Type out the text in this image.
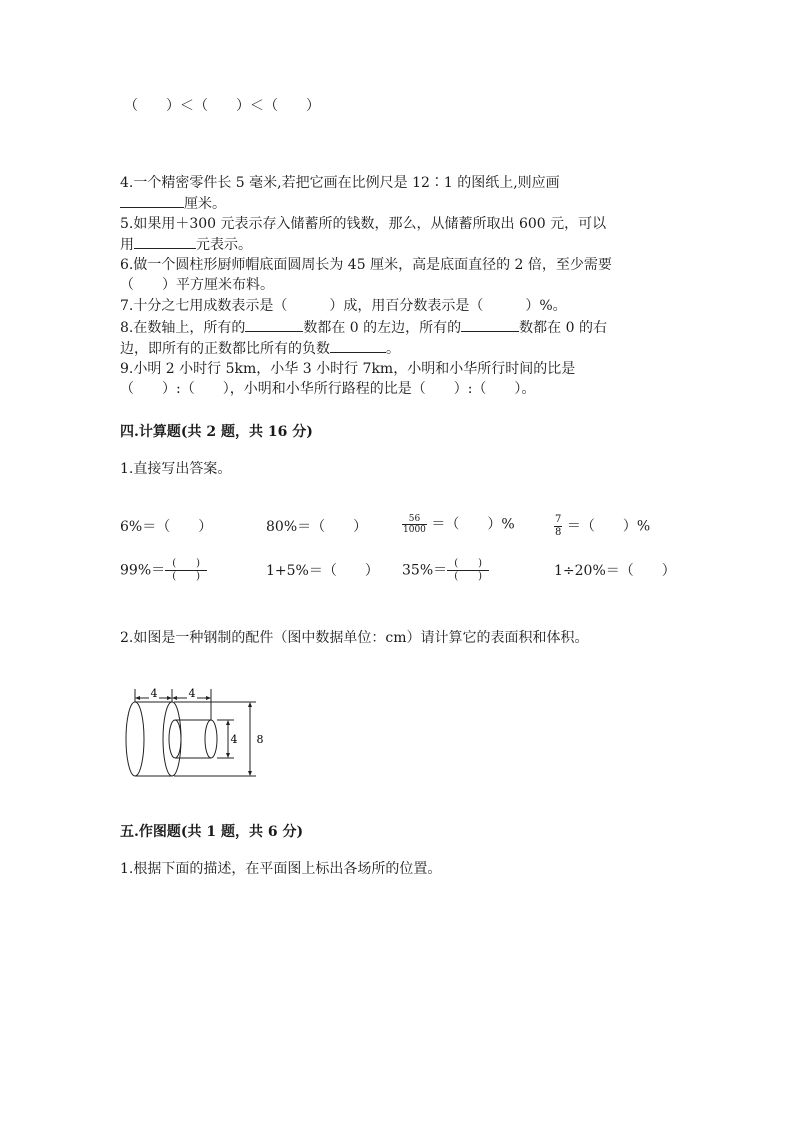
（　　）＜（　　）＜（　　）
4.一个精密零件长 5 毫米,若把它画在比例尺是 12∶1 的图纸上,则应画
厘米。
5.如果用＋300 元表示存入储蓄所的钱数，那么，从储蓄所取出 600 元，可以
用	元表示。
6.做一个圆柱形厨师帽底面圆周长为 45 厘米，高是底面直径的 2 倍，至少需要
（　　）平方厘米布料。
7.十分之七用成数表示是（　　　）成，用百分数表示是（　　　）%。
8.在数轴上，所有的	数都在 0 的左边，所有的	数都在 0 的右
边，即所有的正数都比所有的负数	。
9.小明 2 小时行 5km，小华 3 小时行 7km，小明和小华所行时间的比是
（　　）:（　　），小明和小华所行路程的比是（　　）:（　　）。
四.计算题(共 2 题，共 16 分)
1.直接写出答案。
6%＝（　　）	80%＝（　　）	$\frac{56}{1000}$ ＝（　　）%	$\frac{7}{8}$ ＝（　　）%
$99\%= \frac{( )}{( )}$	1+5%＝（　　） $35\%= \frac{( )}{( )}$	1÷20%＝（　　）
2.如图是一种钢制的配件（图中数据单位：cm）请计算它的表面积和体积。
4	4
4 8
五.作图题(共 1 题，共 6 分)
1.根据下面的描述，在平面图上标出各场所的位置。
